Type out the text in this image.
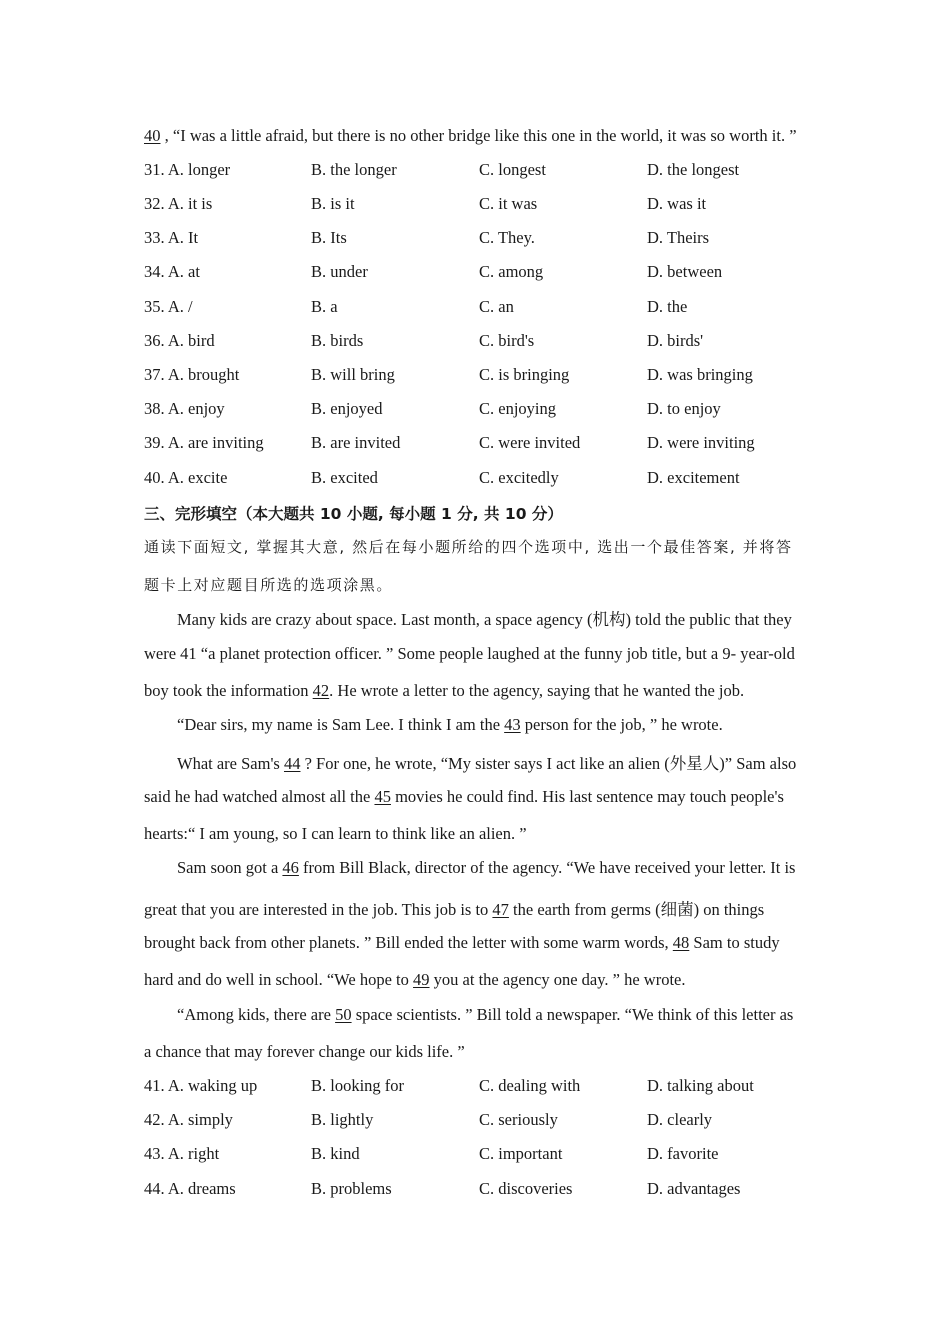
40 , “I was a little afraid, but there is no other bridge like this one in the world, it was so worth it. ”
31. A. longer	B. the longer	C. longest	D. the longest
32. A. it is	B. is it	C. it was	D. was it
33. A. It	B. Its	C. They.	D. Theirs
34. A. at	B. under	C. among	D. between
35. A. /	B. a	C. an	D. the
36. A. bird	B. birds	C. bird's	D. birds'
37. A. brought	B. will bring	C. is bringing	D. was bringing
38. A. enjoy	B. enjoyed	C. enjoying	D. to enjoy
39. A. are inviting	B. are invited	C. were invited	D. were inviting
40. A. excite	B. excited	C. excitedly	D. excitement
三、完形填空（本大题共 10 小题, 每小题 1 分, 共 10 分）
通读下面短文, 掌握其大意, 然后在每小题所给的四个选项中, 选出一个最佳答案, 并将答
题卡上对应题目所选的选项涂黑。
Many kids are crazy about space. Last month, a space agency (机构) told the public that they
were 41 “a planet protection officer. ” Some people laughed at the funny job title, but a 9- year-old
boy took the information 42. He wrote a letter to the agency, saying that he wanted the job.
“Dear sirs, my name is Sam Lee. I think I am the 43 person for the job, ” he wrote.
What are Sam's 44 ? For one, he wrote, “My sister says I act like an alien (外星人)” Sam also
said he had watched almost all the 45 movies he could find. His last sentence may touch people's
hearts:“ I am young, so I can learn to think like an alien. ”
Sam soon got a 46 from Bill Black, director of the agency. “We have received your letter. It is
great that you are interested in the job. This job is to 47 the earth from germs (细菌) on things
brought back from other planets. ” Bill ended the letter with some warm words, 48 Sam to study
hard and do well in school. “We hope to 49 you at the agency one day. ” he wrote.
“Among kids, there are 50 space scientists. ” Bill told a newspaper. “We think of this letter as
a chance that may forever change our kids life. ”
41. A. waking up	B. looking for	C. dealing with	D. talking about
42. A. simply	B. lightly	C. seriously	D. clearly
43. A. right	B. kind	C. important	D. favorite
44. A. dreams	B. problems	C. discoveries	D. advantages
